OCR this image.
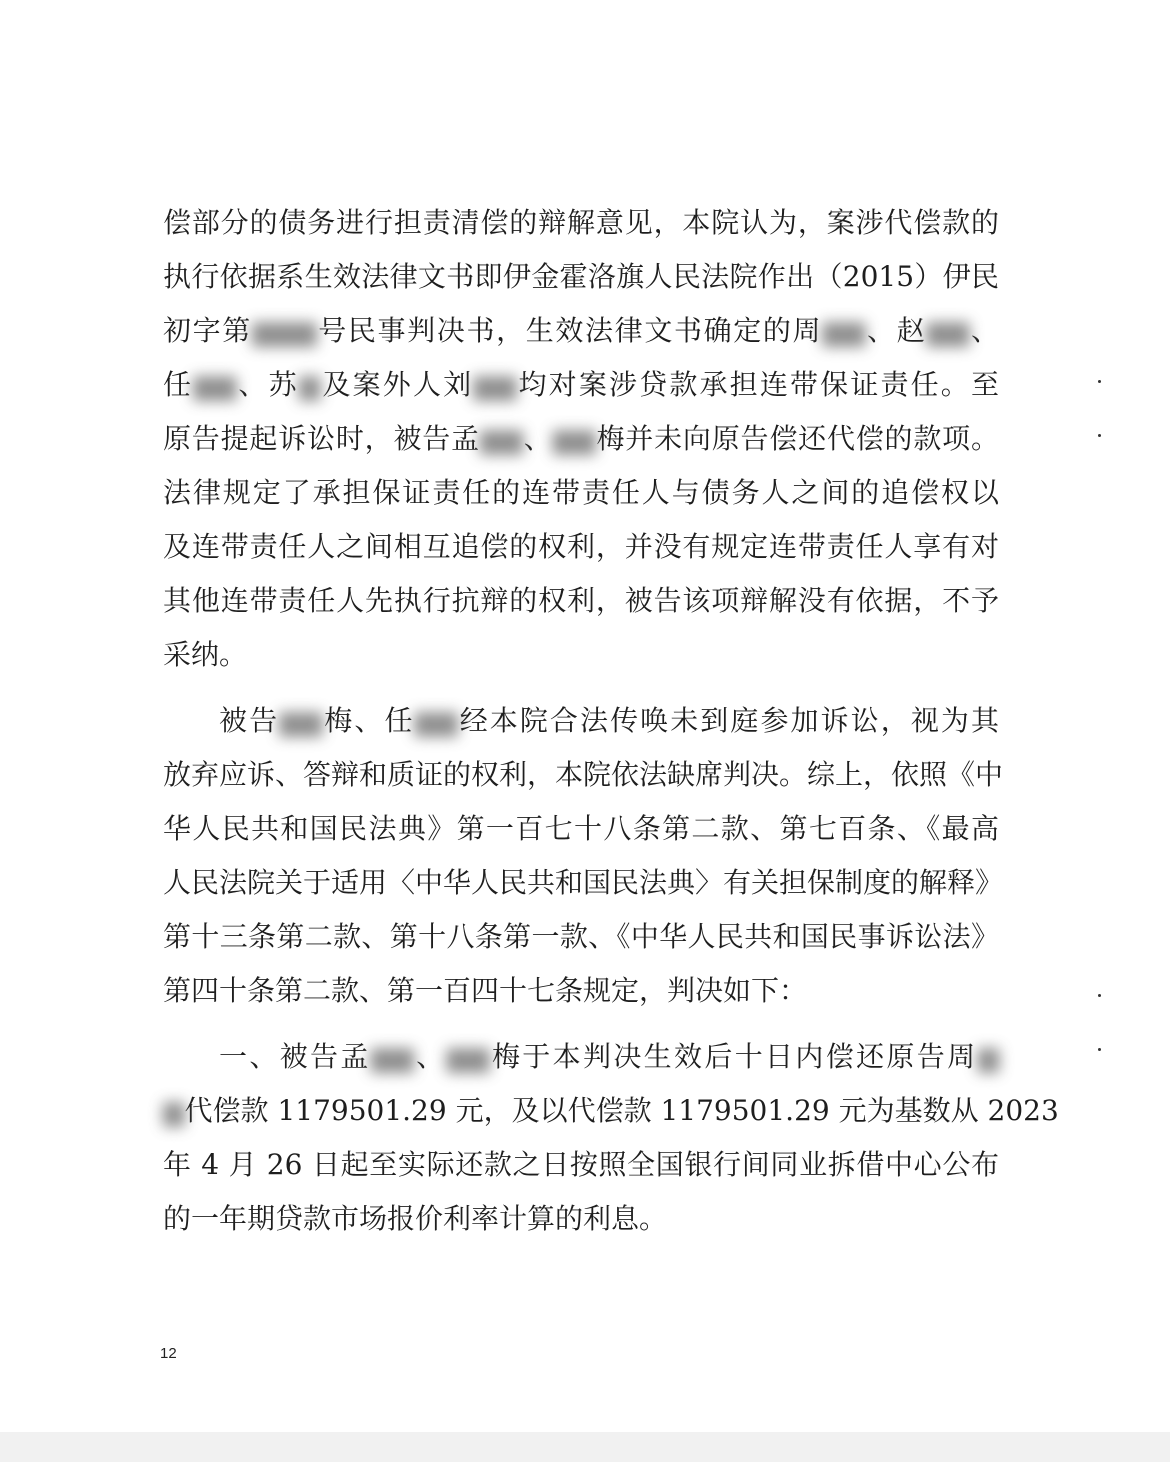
偿部分的债务进行担责清偿的辩解意见，本院认为，案涉代偿款的
执行依据系生效法律文书即伊金霍洛旗人民法院作出（2015）伊民
初字第▆▆▆号民事判决书，生效法律文书确定的周▆▆、赵▆▆、
任▆▆、苏▆及案外人刘▆▆均对案涉贷款承担连带保证责任。至
原告提起诉讼时，被告孟▆▆、▆▆梅并未向原告偿还代偿的款项。
法律规定了承担保证责任的连带责任人与债务人之间的追偿权以
及连带责任人之间相互追偿的权利，并没有规定连带责任人享有对
其他连带责任人先执行抗辩的权利，被告该项辩解没有依据，不予
采纳。
被告▆▆梅、任▆▆经本院合法传唤未到庭参加诉讼，视为其
放弃应诉、答辩和质证的权利，本院依法缺席判决。综上，依照《中
华人民共和国民法典》第一百七十八条第二款、第七百条、《最高
人民法院关于适用〈中华人民共和国民法典〉有关担保制度的解释》
第十三条第二款、第十八条第一款、《中华人民共和国民事诉讼法》
第四十条第二款、第一百四十七条规定，判决如下：
一、被告孟▆▆、▆▆梅于本判决生效后十日内偿还原告周▆
▆代偿款 1179501.29 元，及以代偿款 1179501.29 元为基数从 2023
年 4 月 26 日起至实际还款之日按照全国银行间同业拆借中心公布
的一年期贷款市场报价利率计算的利息。
12
